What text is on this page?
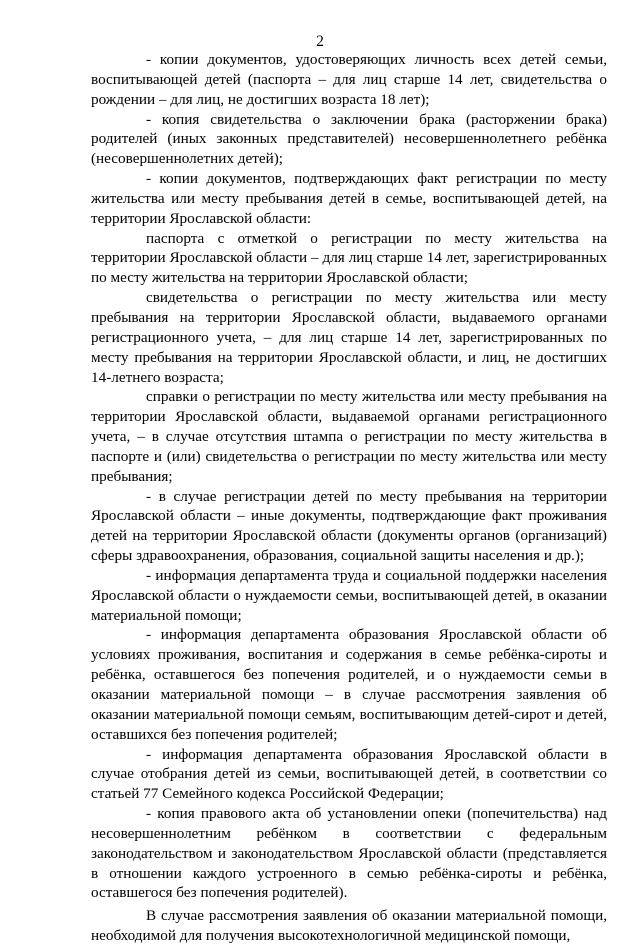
2

- копии документов, удостоверяющих личность всех детей семьи, воспитывающей детей (паспорта – для лиц старше 14 лет, свидетельства о рождении – для лиц, не достигших возраста 18 лет);

- копия свидетельства о заключении брака (расторжении брака) родителей (иных законных представителей) несовершеннолетнего ребёнка (несовершеннолетних детей);

- копии документов, подтверждающих факт регистрации по месту жительства или месту пребывания детей в семье, воспитывающей детей, на территории Ярославской области:

паспорта с отметкой о регистрации по месту жительства на территории Ярославской области – для лиц старше 14 лет, зарегистрированных по месту жительства на территории Ярославской области;

свидетельства о регистрации по месту жительства или месту пребывания на территории Ярославской области, выдаваемого органами регистрационного учета, – для лиц старше 14 лет, зарегистрированных по месту пребывания на территории Ярославской области, и лиц, не достигших 14-летнего возраста;

справки о регистрации по месту жительства или месту пребывания на территории Ярославской области, выдаваемой органами регистрационного учета, – в случае отсутствия штампа о регистрации по месту жительства в паспорте и (или) свидетельства о регистрации по месту жительства или месту пребывания;

- в случае регистрации детей по месту пребывания на территории Ярославской области – иные документы, подтверждающие факт проживания детей на территории Ярославской области (документы органов (организаций) сферы здравоохранения, образования, социальной защиты населения и др.);

- информация департамента труда и социальной поддержки населения Ярославской области о нуждаемости семьи, воспитывающей детей, в оказании материальной помощи;

- информация департамента образования Ярославской области об условиях проживания, воспитания и содержания в семье ребёнка-сироты и ребёнка, оставшегося без попечения родителей, и о нуждаемости семьи в оказании материальной помощи – в случае рассмотрения заявления об оказании материальной помощи семьям, воспитывающим детей-сирот и детей, оставшихся без попечения родителей;

- информация департамента образования Ярославской области в случае отобрания детей из семьи, воспитывающей детей, в соответствии со статьей 77 Семейного кодекса Российской Федерации;

- копия правового акта об установлении опеки (попечительства) над несовершеннолетним ребёнком в соответствии с федеральным законодательством и законодательством Ярославской области (представляется в отношении каждого устроенного в семью ребёнка-сироты и ребёнка, оставшегося без попечения родителей).

В случае рассмотрения заявления об оказании материальной помощи, необходимой для получения высокотехнологичной медицинской помощи,
